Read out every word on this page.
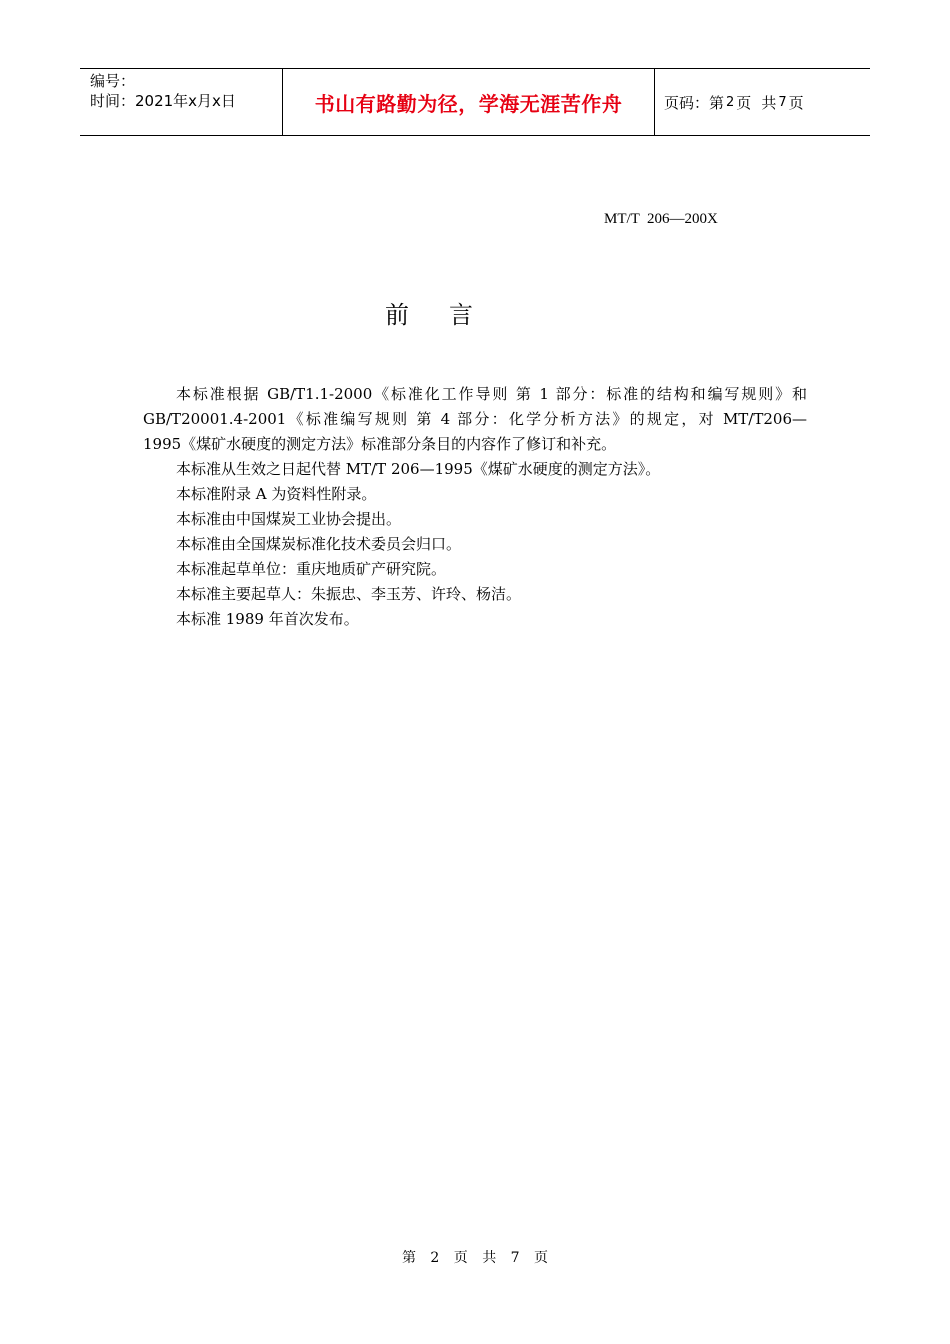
编号：
时间：2021年x月x日	书山有路勤为径，学海无涯苦作舟	页码：第 2 页 共 7 页
MT/T  206—200X
前言

本标准根据 GB/T1.1-2000《标准化工作导则 第 1 部分：标准的结构和编写规则》和

GB/T20001.4-2001《标准编写规则 第 4 部分：化学分析方法》的规定，对 MT/T206—

1995《煤矿水硬度的测定方法》标准部分条目的内容作了修订和补充。

本标准从生效之日起代替 MT/T 206—1995《煤矿水硬度的测定方法》。

本标准附录 A 为资料性附录。

本标准由中国煤炭工业协会提出。

本标准由全国煤炭标准化技术委员会归口。

本标准起草单位：重庆地质矿产研究院。

本标准主要起草人：朱振忠、李玉芳、许玲、杨洁。

本标准 1989 年首次发布。

第 2 页 共 7 页
